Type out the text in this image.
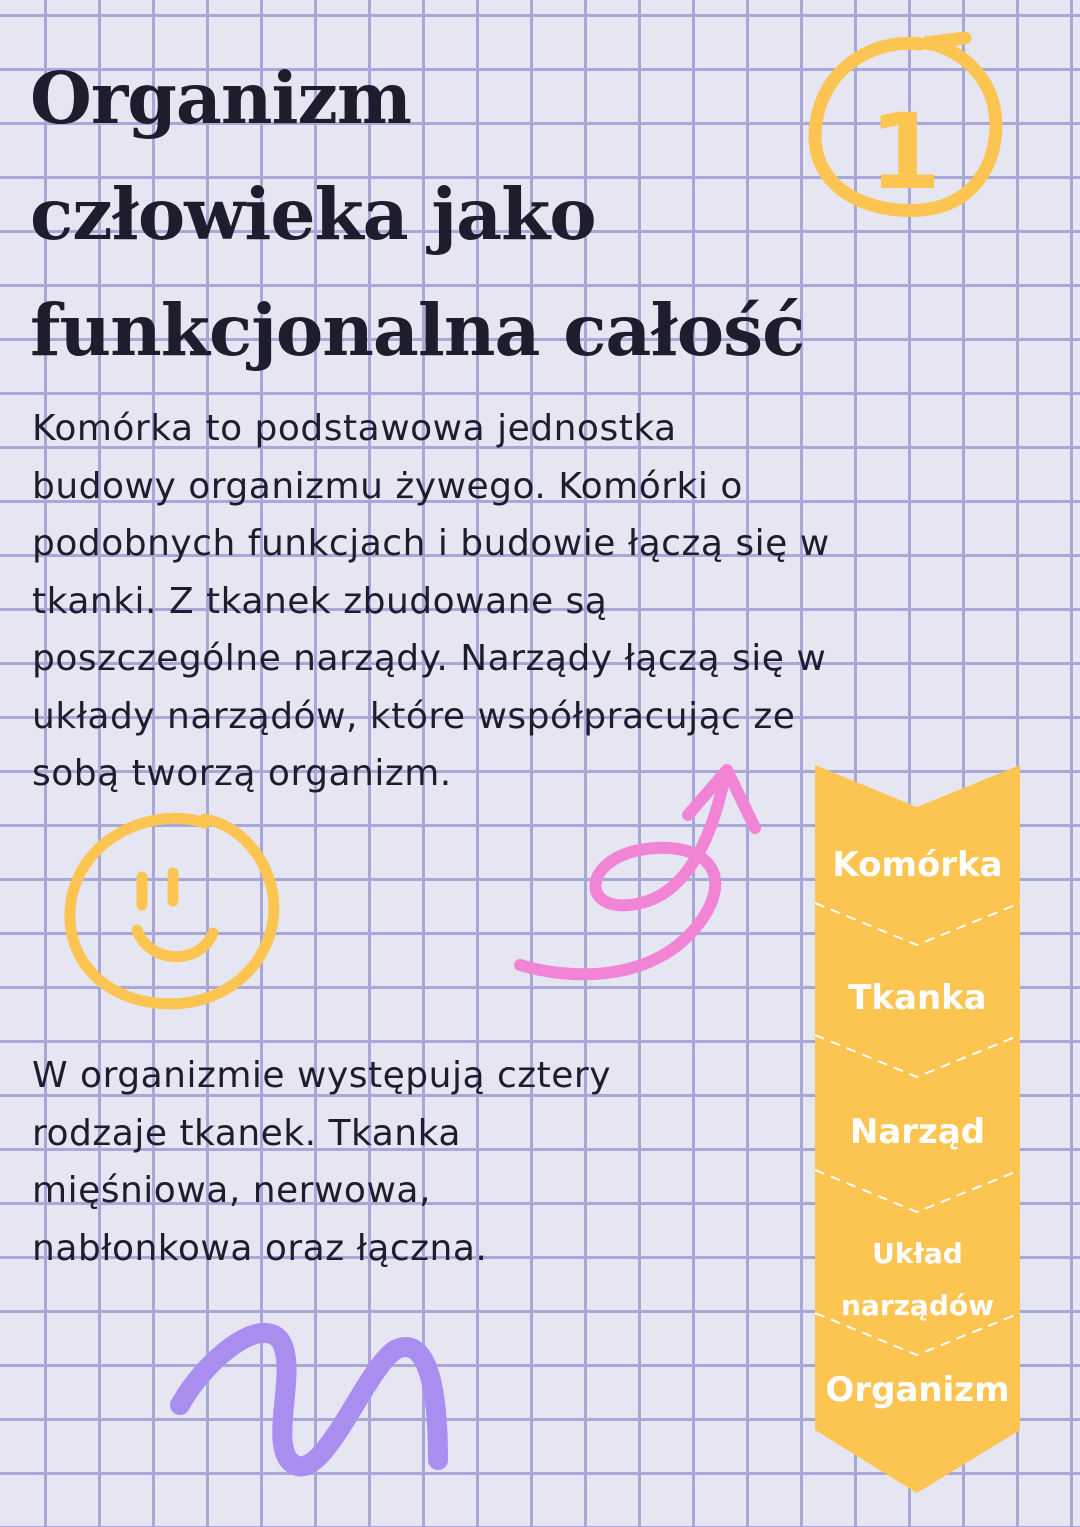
Organizm
człowieka jako
funkcjonalna całość
1
Komórka to podstawowa jednostka
budowy organizmu żywego. Komórki o
podobnych funkcjach i budowie łączą się w
tkanki. Z tkanek zbudowane są
poszczególne narządy. Narządy łączą się w
układy narządów, które współpracując ze
sobą tworzą organizm.
W organizmie występują cztery
rodzaje tkanek. Tkanka
mięśniowa, nerwowa,
nabłonkowa oraz łączna.
Komórka
Tkanka
Narząd
Układ
narządów
Organizm
